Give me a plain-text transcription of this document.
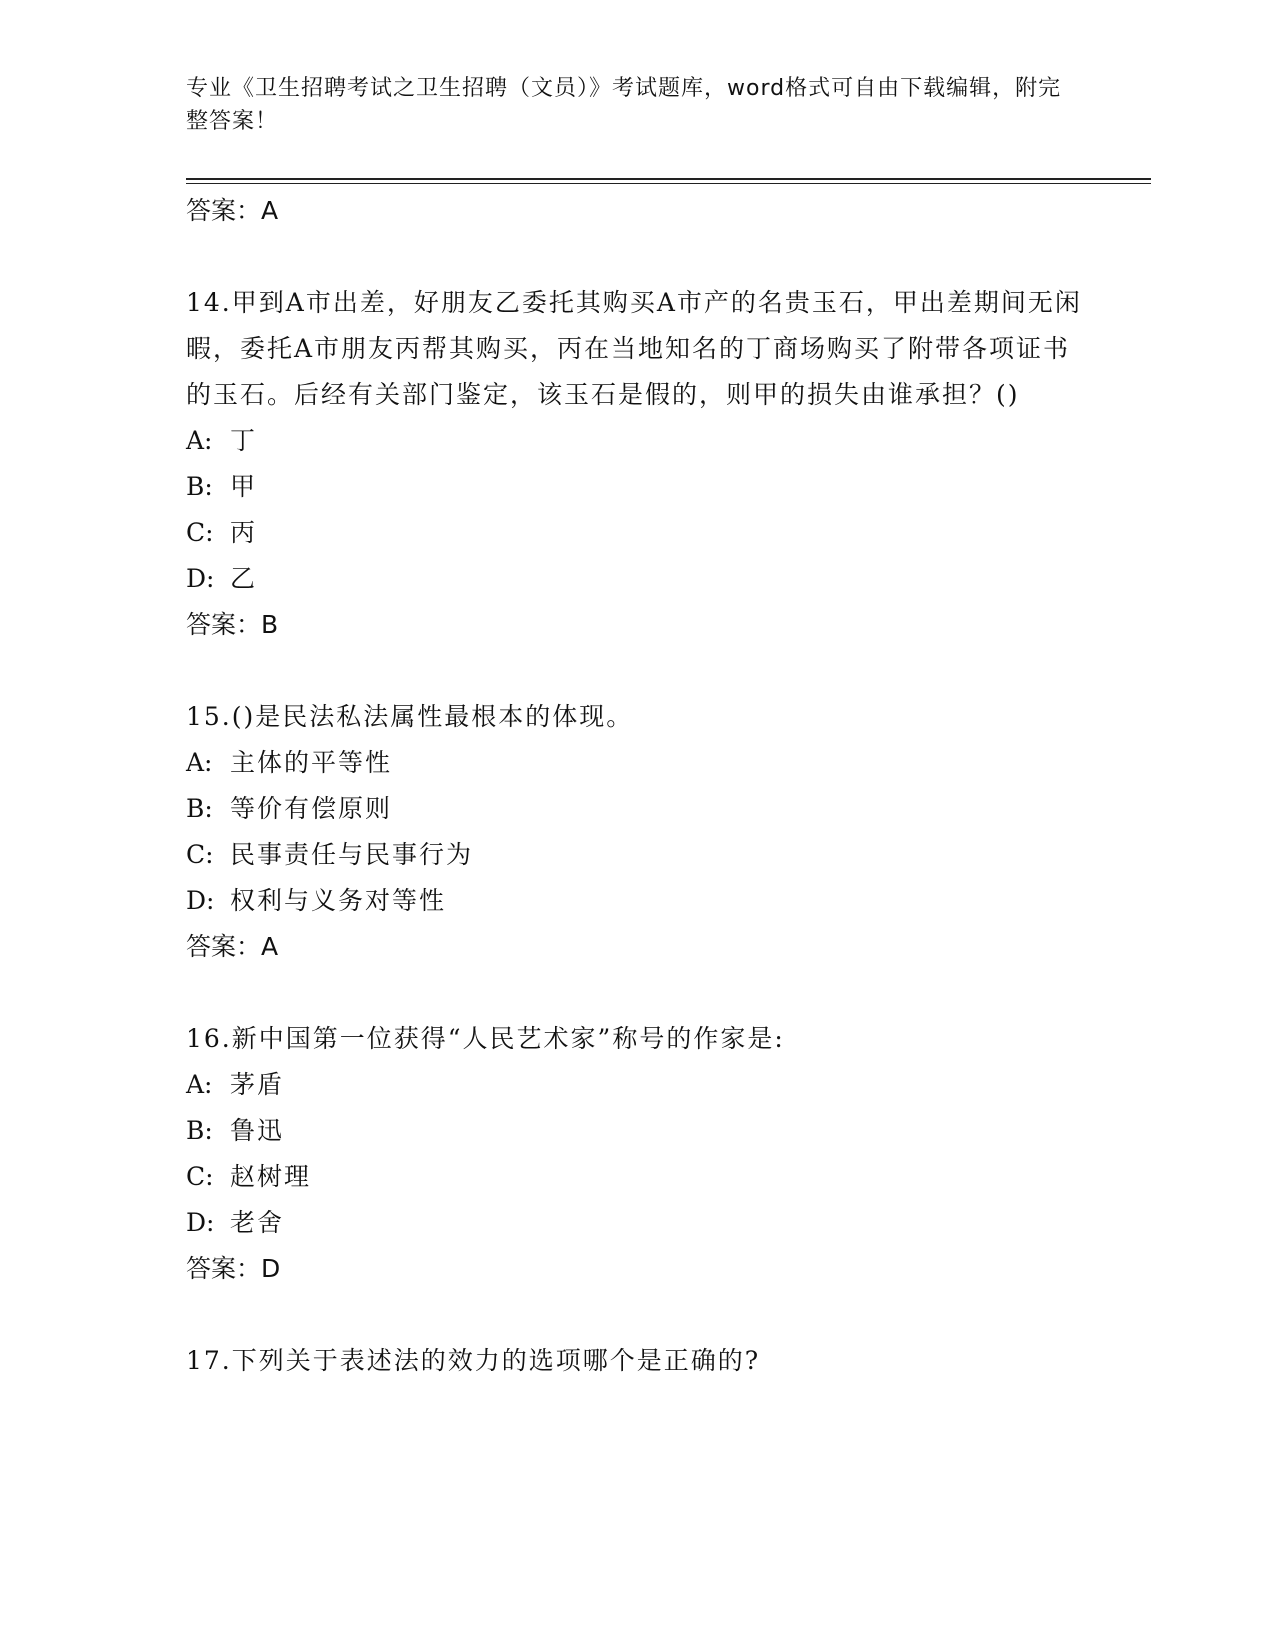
专业《卫生招聘考试之卫生招聘（文员）》考试题库，word格式可自由下载编辑，附完整答案！
答案：A
14.甲到A市出差，好朋友乙委托其购买A市产的名贵玉石，甲出差期间无闲暇，委托A市朋友丙帮其购买，丙在当地知名的丁商场购买了附带各项证书的玉石。后经有关部门鉴定，该玉石是假的，则甲的损失由谁承担？()
A: 丁
B: 甲
C: 丙
D: 乙
答案：B
15.()是民法私法属性最根本的体现。
A: 主体的平等性
B: 等价有偿原则
C: 民事责任与民事行为
D: 权利与义务对等性
答案：A
16.新中国第一位获得“人民艺术家”称号的作家是:
A: 茅盾
B: 鲁迅
C: 赵树理
D: 老舍
答案：D
17.下列关于表述法的效力的选项哪个是正确的?
